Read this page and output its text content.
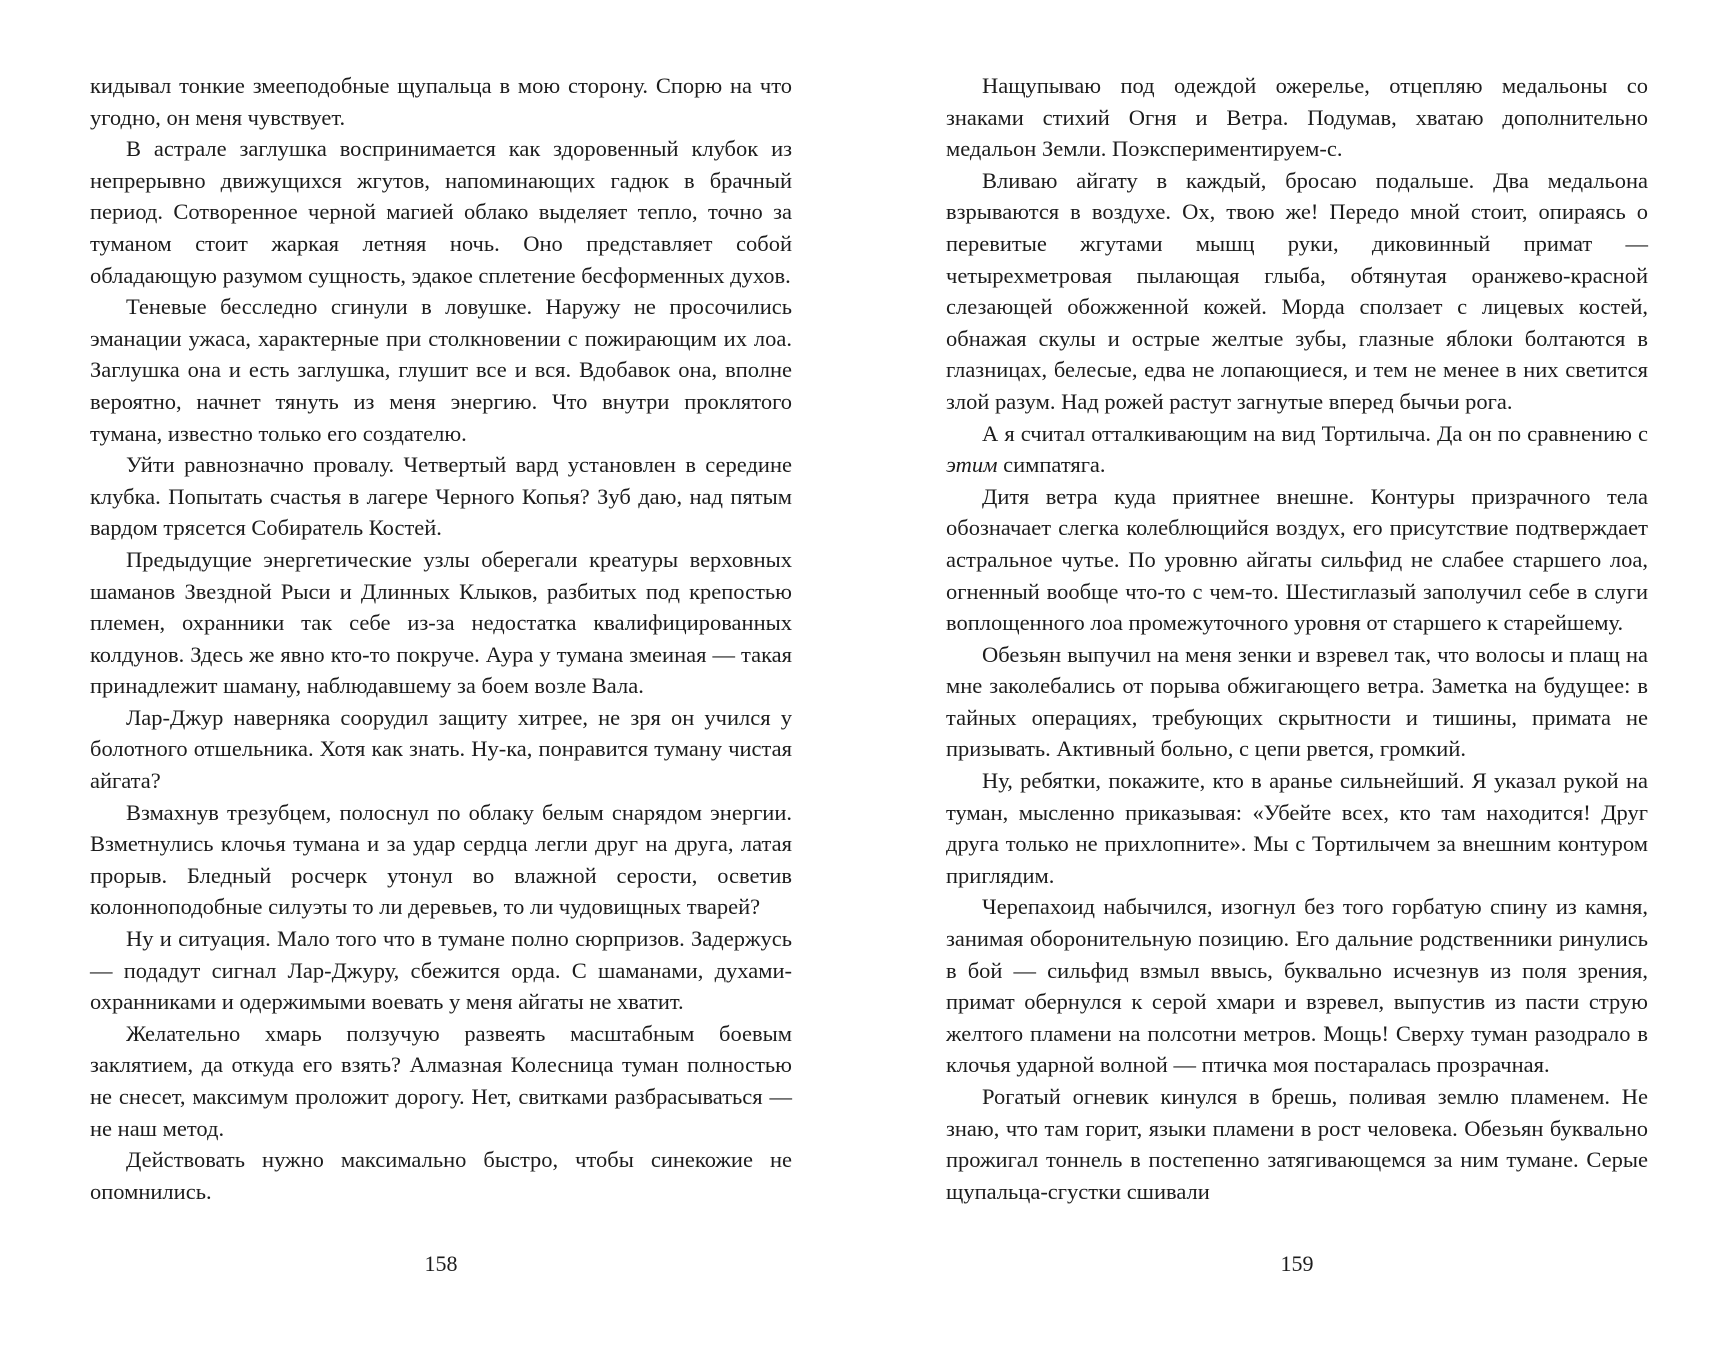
кидывал тонкие змееподобные щупальца в мою сторону. Спорю на что угодно, он меня чувствует.

В астрале заглушка воспринимается как здоровенный клубок из непрерывно движущихся жгутов, напоминающих гадюк в брачный период. Сотворенное черной магией облако выделяет тепло, точно за туманом стоит жаркая летняя ночь. Оно представляет собой обладающую разумом сущность, эдакое сплетение бесформенных духов.

Теневые бесследно сгинули в ловушке. Наружу не просочились эманации ужаса, характерные при столкновении с пожирающим их лоа. Заглушка она и есть заглушка, глушит все и вся. Вдобавок она, вполне вероятно, начнет тянуть из меня энергию. Что внутри проклятого тумана, известно только его создателю.

Уйти равнозначно провалу. Четвертый вард установлен в середине клубка. Попытать счастья в лагере Черного Копья? Зуб даю, над пятым вардом трясется Собиратель Костей.

Предыдущие энергетические узлы оберегали креатуры верховных шаманов Звездной Рыси и Длинных Клыков, разбитых под крепостью племен, охранники так себе из-за недостатка квалифицированных колдунов. Здесь же явно кто-то покруче. Аура у тумана змеиная — такая принадлежит шаману, наблюдавшему за боем возле Вала.

Лар-Джур наверняка соорудил защиту хитрее, не зря он учился у болотного отшельника. Хотя как знать. Ну-ка, понравится туману чистая айгата?

Взмахнув трезубцем, полоснул по облаку белым снарядом энергии. Взметнулись клочья тумана и за удар сердца легли друг на друга, латая прорыв. Бледный росчерк утонул во влажной серости, осветив колонноподобные силуэты то ли деревьев, то ли чудовищных тварей?

Ну и ситуация. Мало того что в тумане полно сюрпризов. Задержусь — подадут сигнал Лар-Джуру, сбежится орда. С шаманами, духами-охранниками и одержимыми воевать у меня айгаты не хватит.

Желательно хмарь ползучую развеять масштабным боевым заклятием, да откуда его взять? Алмазная Колесница туман полностью не снесет, максимум проложит дорогу. Нет, свитками разбрасываться — не наш метод.

Действовать нужно максимально быстро, чтобы синекожие не опомнились.

158

Нащупываю под одеждой ожерелье, отцепляю медальоны со знаками стихий Огня и Ветра. Подумав, хватаю дополнительно медальон Земли. Поэкспериментируем-с.

Вливаю айгату в каждый, бросаю подальше. Два медальона взрываются в воздухе. Ох, твою же! Передо мной стоит, опираясь о перевитые жгутами мышц руки, диковинный примат — четырехметровая пылающая глыба, обтянутая оранжево-красной слезающей обожженной кожей. Морда сползает с лицевых костей, обнажая скулы и острые желтые зубы, глазные яблоки болтаются в глазницах, белесые, едва не лопающиеся, и тем не менее в них светится злой разум. Над рожей растут загнутые вперед бычьи рога.

А я считал отталкивающим на вид Тортилыча. Да он по сравнению с этим симпатяга.

Дитя ветра куда приятнее внешне. Контуры призрачного тела обозначает слегка колеблющийся воздух, его присутствие подтверждает астральное чутье. По уровню айгаты сильфид не слабее старшего лоа, огненный вообще что-то с чем-то. Шестиглазый заполучил себе в слуги воплощенного лоа промежуточного уровня от старшего к старейшему.

Обезьян выпучил на меня зенки и взревел так, что волосы и плащ на мне заколебались от порыва обжигающего ветра. Заметка на будущее: в тайных операциях, требующих скрытности и тишины, примата не призывать. Активный больно, с цепи рвется, громкий.

Ну, ребятки, покажите, кто в аранье сильнейший. Я указал рукой на туман, мысленно приказывая: «Убейте всех, кто там находится! Друг друга только не прихлопните». Мы с Тортилычем за внешним контуром приглядим.

Черепахоид набычился, изогнул без того горбатую спину из камня, занимая оборонительную позицию. Его дальние родственники ринулись в бой — сильфид взмыл ввысь, буквально исчезнув из поля зрения, примат обернулся к серой хмари и взревел, выпустив из пасти струю желтого пламени на полсотни метров. Мощь! Сверху туман разодрало в клочья ударной волной — птичка моя постаралась прозрачная.

Рогатый огневик кинулся в брешь, поливая землю пламенем. Не знаю, что там горит, языки пламени в рост человека. Обезьян буквально прожигал тоннель в постепенно затягивающемся за ним тумане. Серые щупальца-сгустки сшивали

159
